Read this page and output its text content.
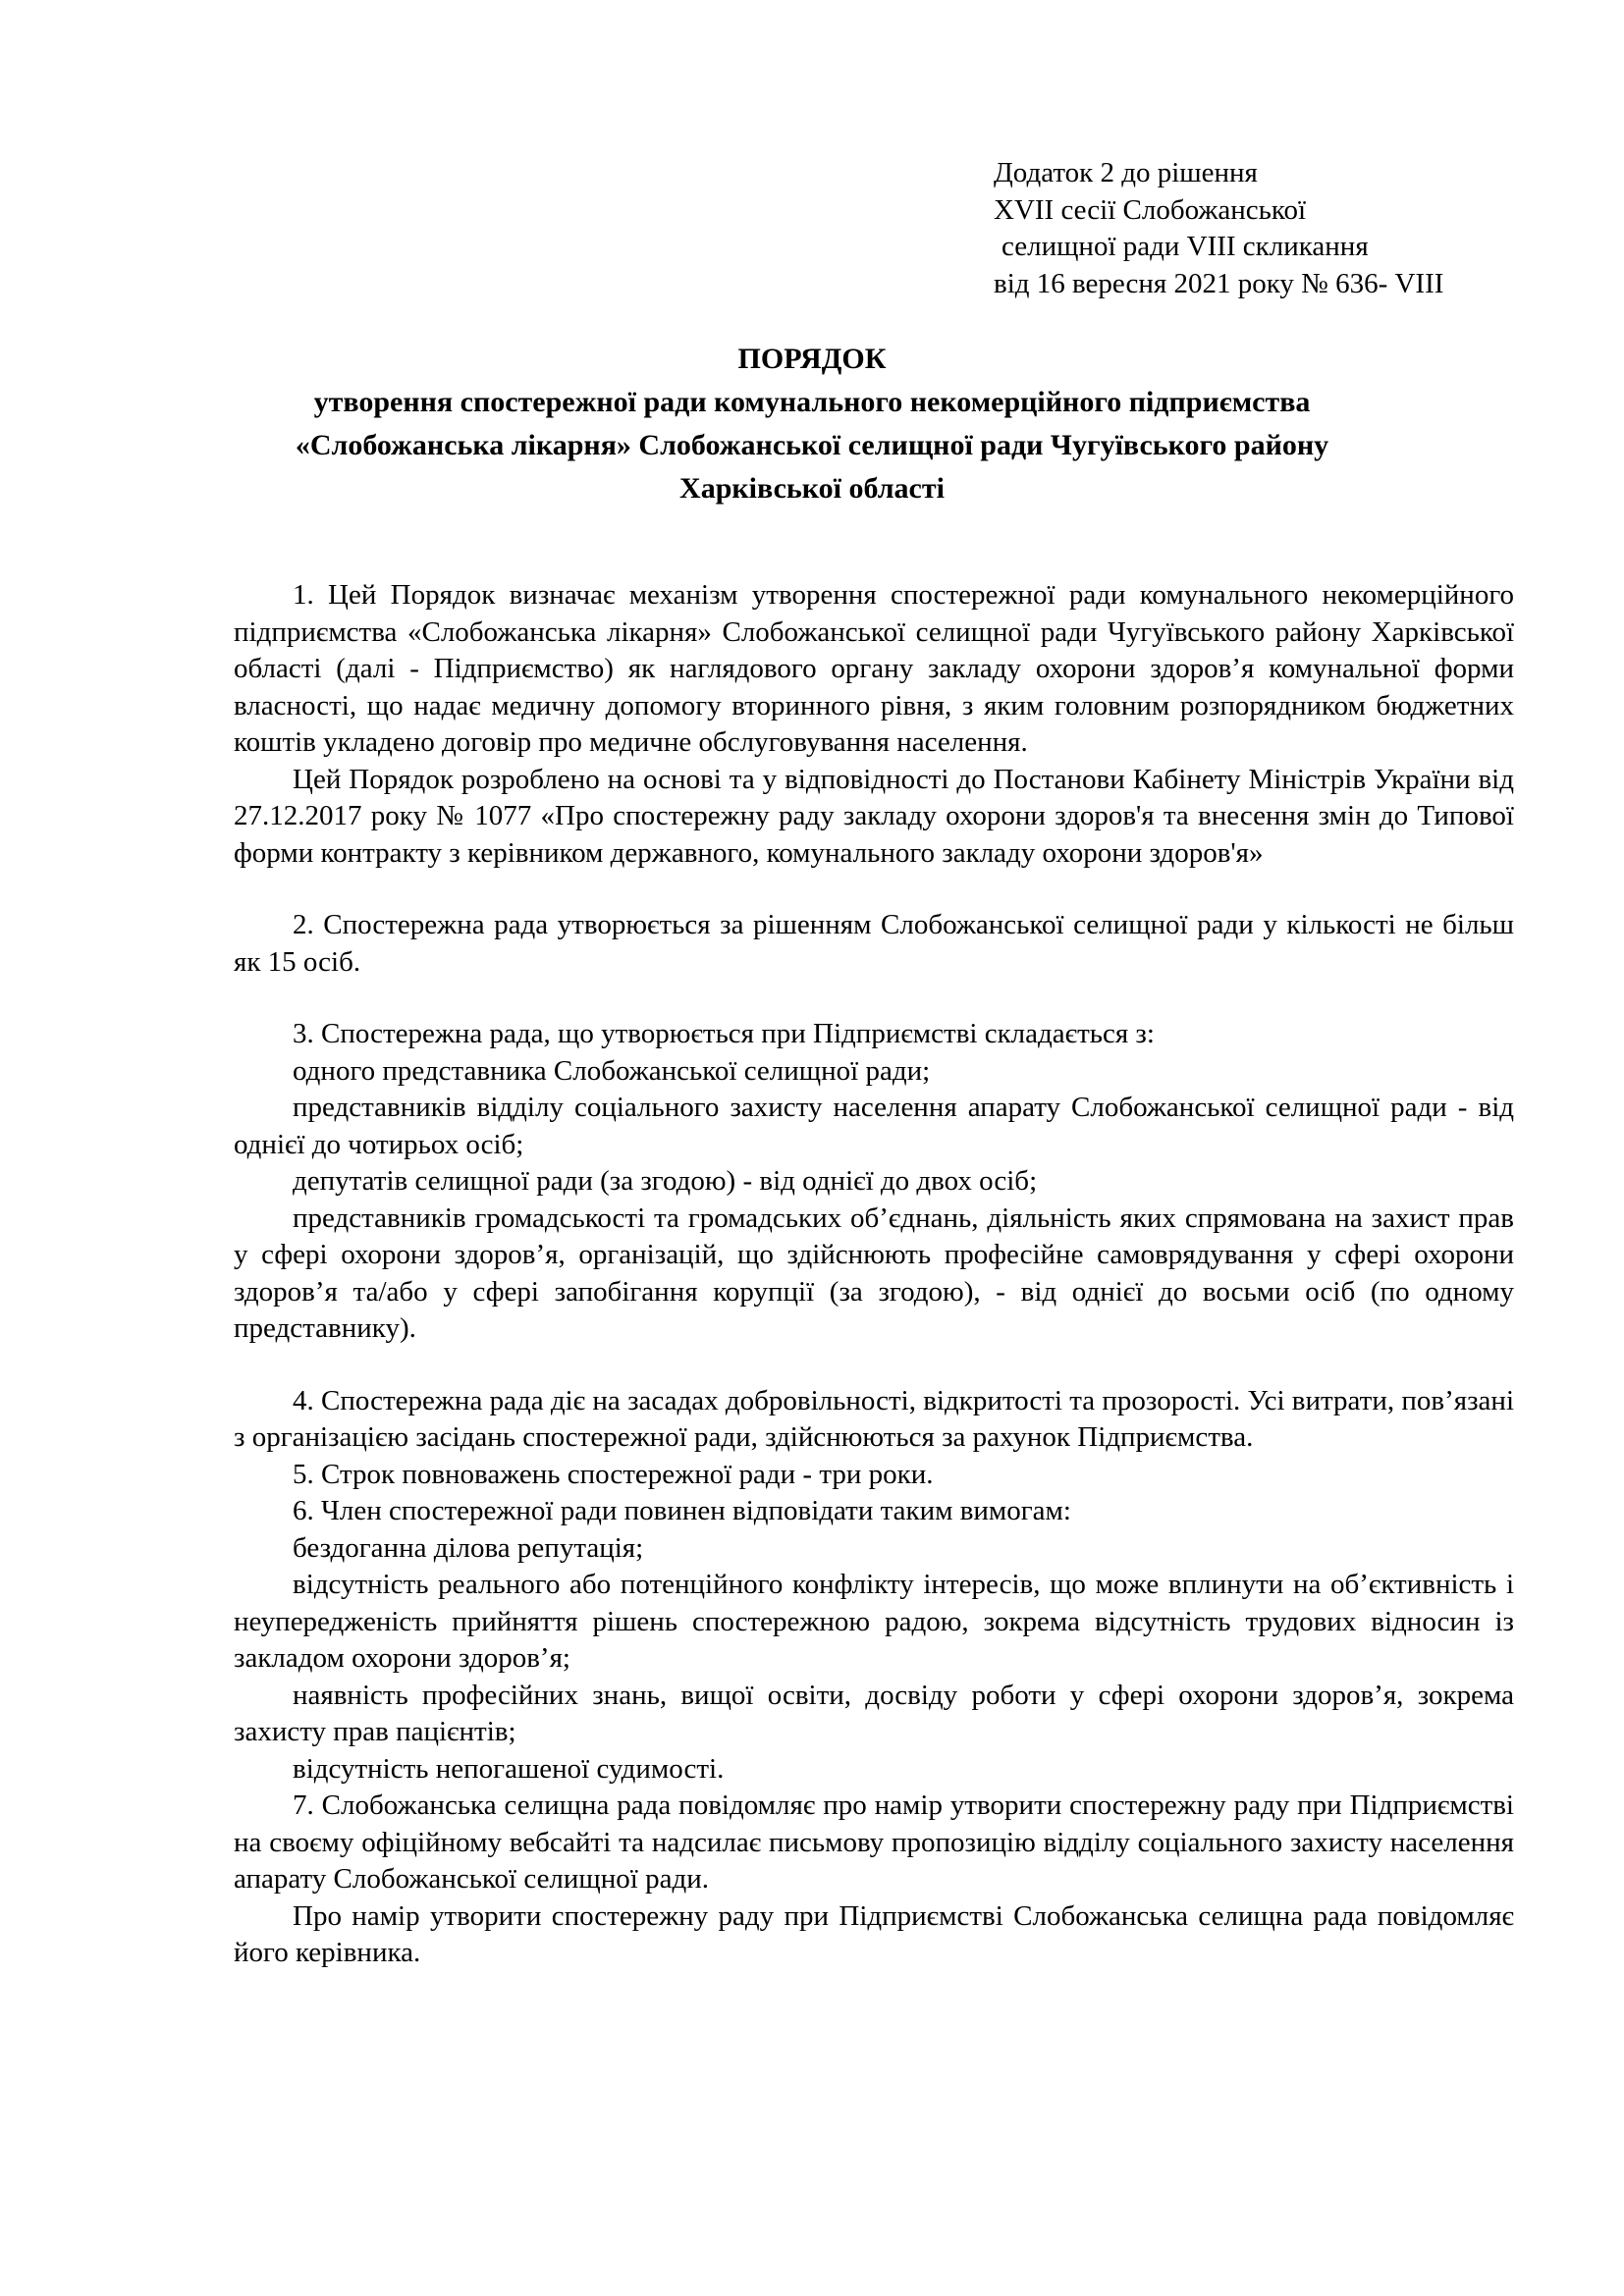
Додаток 2 до рішення
XVII сесії Слобожанської
селищної ради VIII скликання
від 16 вересня 2021 року № 636- VIII
ПОРЯДОК
утворення спостережної ради комунального некомерційного підприємства
«Слобожанська лікарня» Слобожанської селищної ради Чугуївського району
Харківської області

1. Цей Порядок визначає механізм утворення спостережної ради комунального некомерційного підприємства «Слобожанська лікарня» Слобожанської селищної ради Чугуївського району Харківської області (далі - Підприємство) як наглядового органу закладу охорони здоров’я комунальної форми власності, що надає медичну допомогу вторинного рівня, з яким головним розпорядником бюджетних коштів укладено договір про медичне обслуговування населення.

Цей Порядок розроблено на основі та у відповідності до Постанови Кабінету Міністрів України від 27.12.2017 року № 1077 «Про спостережну раду закладу охорони здоров'я та внесення змін до Типової форми контракту з керівником державного, комунального закладу охорони здоров'я»

2. Спостережна рада утворюється за рішенням Слобожанської селищної ради у кількості не більш як 15 осіб.

3. Спостережна рада, що утворюється при Підприємстві складається з:

одного представника Слобожанської селищної ради;

представників відділу соціального захисту населення апарату Слобожанської селищної ради - від однієї до чотирьох осіб;

депутатів селищної ради (за згодою) - від однієї до двох осіб;

представників громадськості та громадських об’єднань, діяльність яких спрямована на захист прав у сфері охорони здоров’я, організацій, що здійснюють професійне самоврядування у сфері охорони здоров’я та/або у сфері запобігання корупції (за згодою), - від однієї до восьми осіб (по одному представнику).

4. Спостережна рада діє на засадах добровільності, відкритості та прозорості. Усі витрати, пов’язані з організацією засідань спостережної ради, здійснюються за рахунок Підприємства.

5. Строк повноважень спостережної ради - три роки.

6. Член спостережної ради повинен відповідати таким вимогам:

бездоганна ділова репутація;

відсутність реального або потенційного конфлікту інтересів, що може вплинути на об’єктивність і неупередженість прийняття рішень спостережною радою, зокрема відсутність трудових відносин із закладом охорони здоров’я;

наявність професійних знань, вищої освіти, досвіду роботи у сфері охорони здоров’я, зокрема захисту прав пацієнтів;

відсутність непогашеної судимості.

7. Слобожанська селищна рада повідомляє про намір утворити спостережну раду при Підприємстві на своєму офіційному вебсайті та надсилає письмову пропозицію відділу соціального захисту населення апарату Слобожанської селищної ради.

Про намір утворити спостережну раду при Підприємстві Слобожанська селищна рада повідомляє його керівника.
